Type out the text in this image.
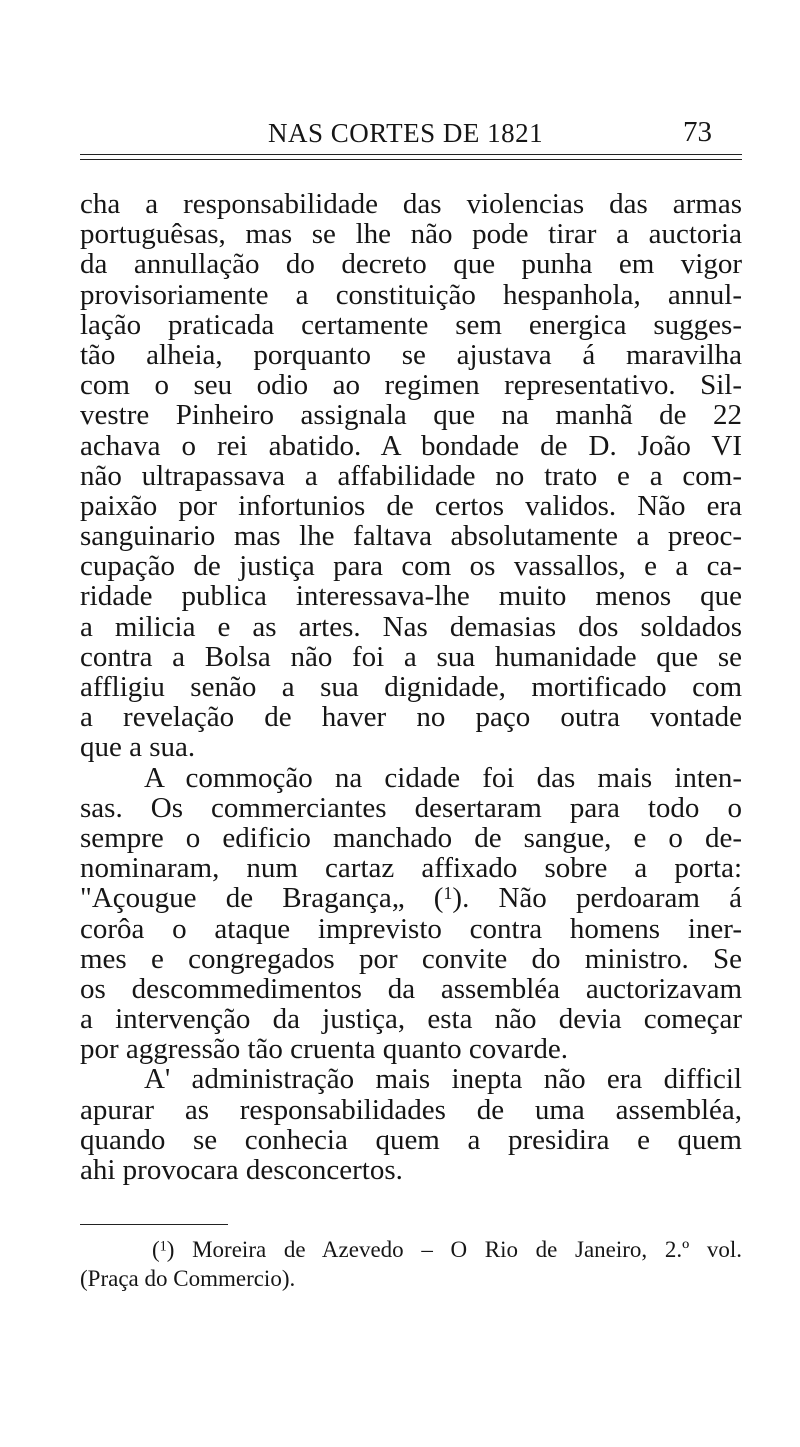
NAS CORTES DE 1821	73
cha a responsabilidade das violencias das armas
portuguêsas, mas se lhe não pode tirar a auctoria
da annullação do decreto que punha em vigor
provisoriamente a constituição hespanhola, annul-
lação praticada certamente sem energica sugges-
tão alheia, porquanto se ajustava á maravilha
com o seu odio ao regimen representativo. Sil-
vestre Pinheiro assignala que na manhã de 22
achava o rei abatido. A bondade de D. João VI
não ultrapassava a affabilidade no trato e a com-
paixão por infortunios de certos validos. Não era
sanguinario mas lhe faltava absolutamente a preoc-
cupação de justiça para com os vassallos, e a ca-
ridade publica interessava-lhe muito menos que
a milicia e as artes. Nas demasias dos soldados
contra a Bolsa não foi a sua humanidade que se
affligiu senão a sua dignidade, mortificado com
a revelação de haver no paço outra vontade
que a sua.
A commoção na cidade foi das mais inten-
sas. Os commerciantes desertaram para todo o
sempre o edificio manchado de sangue, e o de-
nominaram, num cartaz affixado sobre a porta:
"Açougue de Bragança„ ($^1$). Não perdoaram á
corôa o ataque imprevisto contra homens iner-
mes e congregados por convite do ministro. Se
os descommedimentos da assembléa auctorizavam
a intervenção da justiça, esta não devia começar
por aggressão tão cruenta quanto covarde.
A' administração mais inepta não era difficil
apurar as responsabilidades de uma assembléa,
quando se conhecia quem a presidira e quem
ahi provocara desconcertos.
($^1$) Moreira de Azevedo – O Rio de Janeiro, 2.º vol.
(Praça do Commercio).
